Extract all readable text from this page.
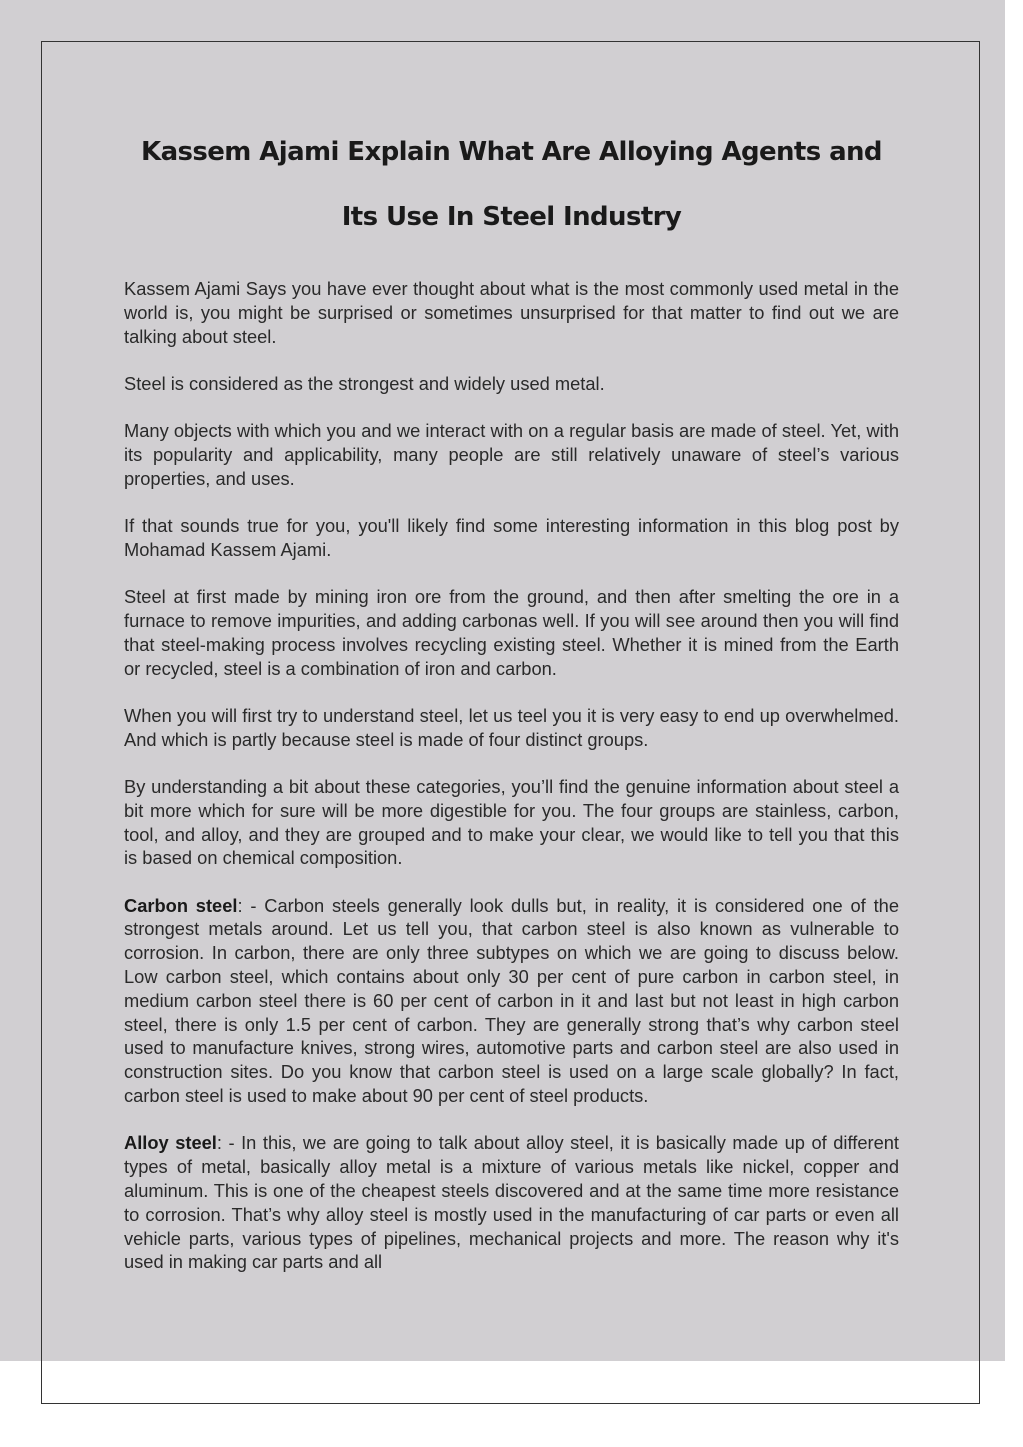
Kassem Ajami Explain What Are Alloying Agents and

Its Use In Steel Industry

Kassem Ajami Says you have ever thought about what is the most commonly used metal in the world is, you might be surprised or sometimes unsurprised for that matter to find out we are talking about steel.

Steel is considered as the strongest and widely used metal.

Many objects with which you and we interact with on a regular basis are made of steel. Yet, with its popularity and applicability, many people are still relatively unaware of steel’s various properties, and uses.

If that sounds true for you, you'll likely find some interesting information in this blog post by Mohamad Kassem Ajami.

Steel at first made by mining iron ore from the ground, and then after smelting the ore in a furnace to remove impurities, and adding carbonas well. If you will see around then you will find that steel-making process involves recycling existing steel. Whether it is mined from the Earth or recycled, steel is a combination of iron and carbon.

When you will first try to understand steel, let us teel you it is very easy to end up overwhelmed. And which is partly because steel is made of four distinct groups.

By understanding a bit about these categories, you’ll find the genuine information about steel a bit more which for sure will be more digestible for you. The four groups are stainless, carbon, tool, and alloy, and they are grouped and to make your clear, we would like to tell you that this is based on chemical composition.

Carbon steel: - Carbon steels generally look dulls but, in reality, it is considered one of the strongest metals around. Let us tell you, that carbon steel is also known as vulnerable to corrosion. In carbon, there are only three subtypes on which we are going to discuss below. Low carbon steel, which contains about only 30 per cent of pure carbon in carbon steel, in medium carbon steel there is 60 per cent of carbon in it and last but not least in high carbon steel, there is only 1.5 per cent of carbon. They are generally strong that’s why carbon steel used to manufacture knives, strong wires, automotive parts and carbon steel are also used in construction sites. Do you know that carbon steel is used on a large scale globally? In fact, carbon steel is used to make about 90 per cent of steel products.

Alloy steel: - In this, we are going to talk about alloy steel, it is basically made up of different types of metal, basically alloy metal is a mixture of various metals like nickel, copper and aluminum. This is one of the cheapest steels discovered and at the same time more resistance to corrosion. That’s why alloy steel is mostly used in the manufacturing of car parts or even all vehicle parts, various types of pipelines, mechanical projects and more. The reason why it's used in making car parts and all
